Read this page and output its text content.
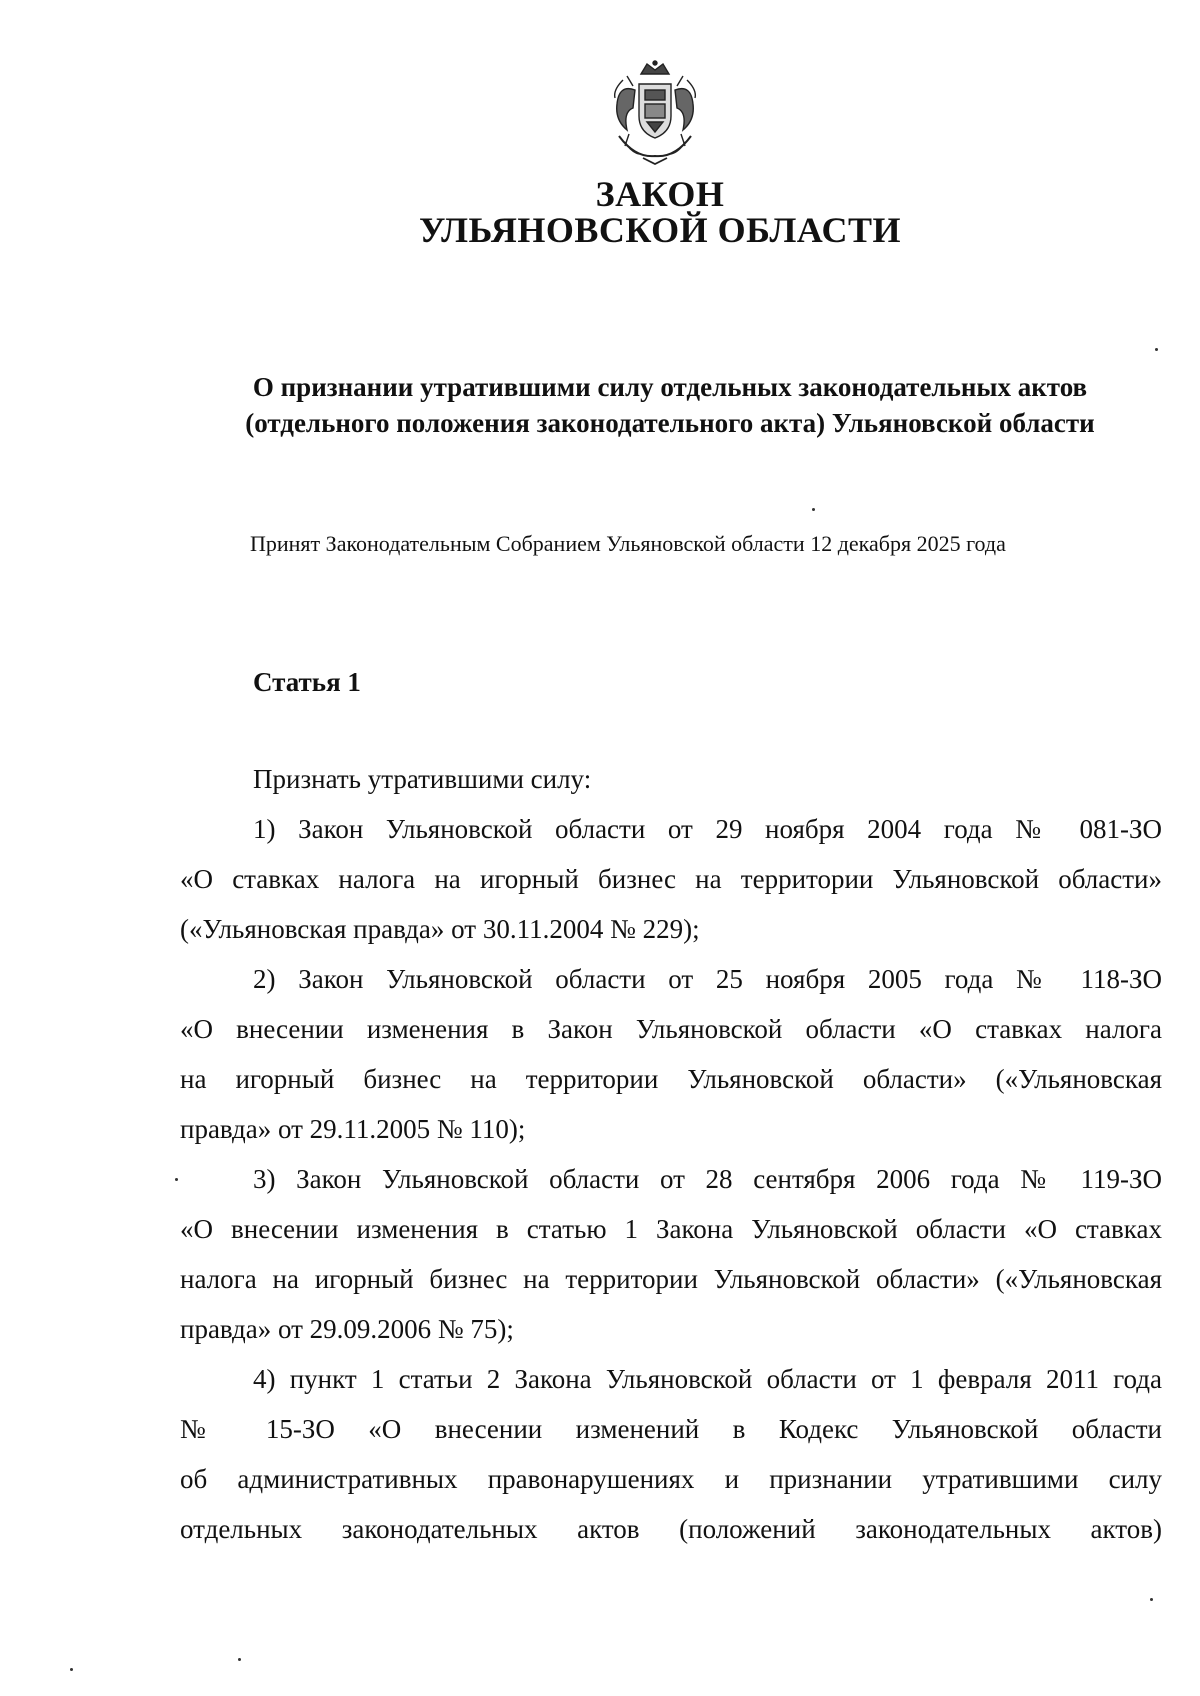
ЗАКОН
УЛЬЯНОВСКОЙ ОБЛАСТИ
О признании утратившими силу отдельных законодательных актов
(отдельного положения законодательного акта) Ульяновской области
Принят Законодательным Собранием Ульяновской области 12 декабря 2025 года
Статья 1
Признать утратившими силу:
1) Закон Ульяновской области от 29 ноября 2004 года № 081-ЗО
«О ставках налога на игорный бизнес на территории Ульяновской области»
(«Ульяновская правда» от 30.11.2004 № 229);
2) Закон Ульяновской области от 25 ноября 2005 года № 118-ЗО
«О внесении изменения в Закон Ульяновской области «О ставках налога
на игорный бизнес на территории Ульяновской области» («Ульяновская
правда» от 29.11.2005 № 110);
3) Закон Ульяновской области от 28 сентября 2006 года № 119-ЗО
«О внесении изменения в статью 1 Закона Ульяновской области «О ставках
налога на игорный бизнес на территории Ульяновской области» («Ульяновская
правда» от 29.09.2006 № 75);
4) пункт 1 статьи 2 Закона Ульяновской области от 1 февраля 2011 года
№ 15-ЗО «О внесении изменений в Кодекс Ульяновской области
об административных правонарушениях и признании утратившими силу
отдельных законодательных актов (положений законодательных актов)
